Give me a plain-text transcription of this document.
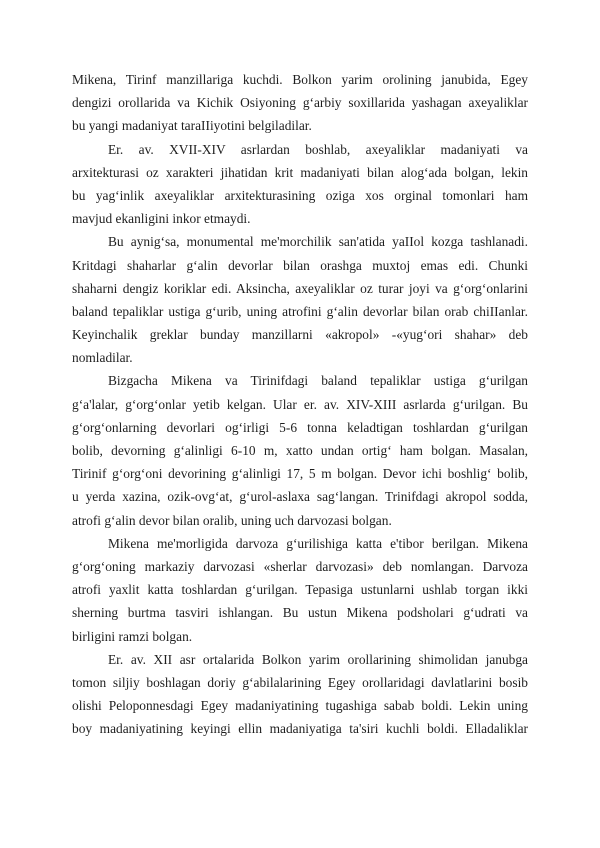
Mikena, Tirinf manzillariga kuchdi. Bolkon yarim orolining janubida, Egey
dengizi orollarida va Kichik Osiyoning g‘arbiy soxillarida yashagan axeyaliklar
bu yangi madaniyat taraIIiyotini belgiladilar.
Er. av. XVII-XIV asrlardan boshlab, axeyaliklar madaniyati va
arxitekturasi oz xarakteri jihatidan krit madaniyati bilan alog‘ada bolgan, lekin
bu yag‘inlik axeyaliklar arxitekturasining oziga xos orginal tomonlari ham
mavjud ekanligini inkor etmaydi.
Bu aynig‘sa, monumental me'morchilik san'atida yaIIol kozga tashlanadi.
Kritdagi shaharlar g‘alin devorlar bilan orashga muxtoj emas edi. Chunki
shaharni dengiz koriklar edi. Aksincha, axeyaliklar oz turar joyi va g‘org‘onlarini
baland tepaliklar ustiga g‘urib, uning atrofini g‘alin devorlar bilan orab chiIIanlar.
Keyinchalik greklar bunday manzillarni «akropol» -«yug‘ori shahar» deb
nomladilar.
Bizgacha Mikena va Tirinifdagi baland tepaliklar ustiga g‘urilgan
g‘a'lalar, g‘org‘onlar yetib kelgan. Ular er. av. XIV-XIII asrlarda g‘urilgan. Bu
g‘org‘onlarning devorlari og‘irligi 5-6 tonna keladtigan toshlardan g‘urilgan
bolib, devorning g‘alinligi 6-10 m, xatto undan ortig‘ ham bolgan. Masalan,
Tirinif g‘org‘oni devorining g‘alinligi 17, 5 m bolgan. Devor ichi boshlig‘ bolib,
u yerda xazina, ozik-ovg‘at, g‘urol-aslaxa sag‘langan. Trinifdagi akropol sodda,
atrofi g‘alin devor bilan oralib, uning uch darvozasi bolgan.
Mikena me'morligida darvoza g‘urilishiga katta e'tibor berilgan. Mikena
g‘org‘oning markaziy darvozasi «sherlar darvozasi» deb nomlangan. Darvoza
atrofi yaxlit katta toshlardan g‘urilgan. Tepasiga ustunlarni ushlab torgan ikki
sherning burtma tasviri ishlangan. Bu ustun Mikena podsholari g‘udrati va
birligini ramzi bolgan.
Er. av. XII asr ortalarida Bolkon yarim orollarining shimolidan janubga
tomon siljiy boshlagan doriy g‘abilalarining Egey orollaridagi davlatlarini bosib
olishi Peloponnesdagi Egey madaniyatining tugashiga sabab boldi. Lekin uning
boy madaniyatining keyingi ellin madaniyatiga ta'siri kuchli boldi. Elladaliklar
